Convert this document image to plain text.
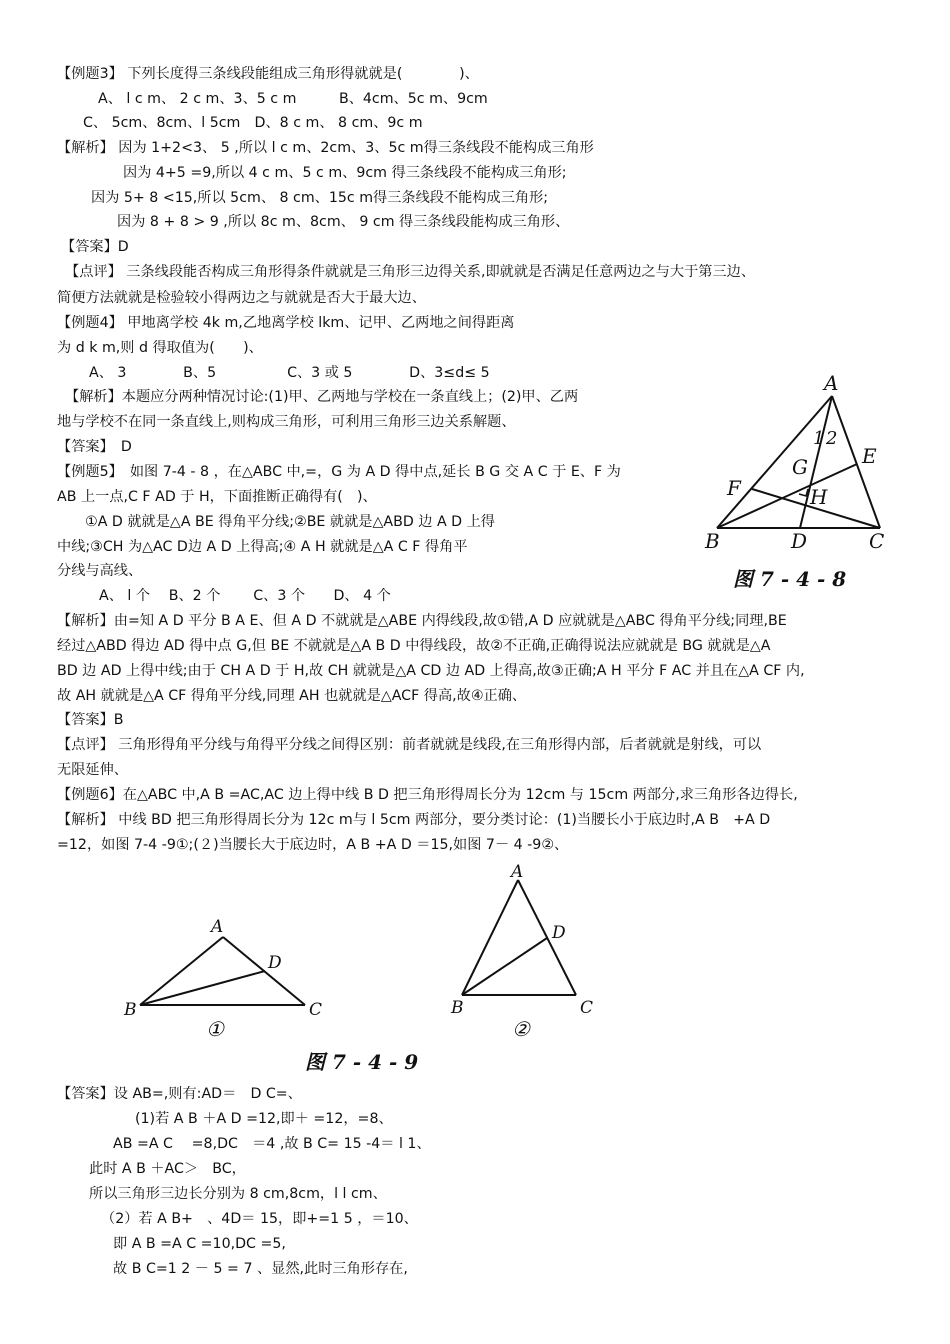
【例题3】 下列长度得三条线段能组成三角形得就就是(　　　　)、
A、 l c m、 2 c m、3、5 c m　　　B、4cm、5c m、9cm
C、 5cm、8cm、l 5cm　D、8 c m、 8 cm、9c m
【解析】 因为 1+2<3、 5 ,所以 l c m、2cm、3、5c m得三条线段不能构成三角形
因为 4+5 =9,所以 4 c m、5 c m、9cm 得三条线段不能构成三角形;
因为 5+ 8 <15,所以 5cm、 8 cm、15c m得三条线段不能构成三角形;
因为 8 + 8 > 9 ,所以 8c m、8cm、 9 cm 得三条线段能构成三角形、
【答案】D
【点评】 三条线段能否构成三角形得条件就就是三角形三边得关系,即就就是否满足任意两边之与大于第三边、
简便方法就就是检验较小得两边之与就就是否大于最大边、
【例题4】 甲地离学校 4k m,乙地离学校 lkm、记甲、乙两地之间得距离
为 d k m,则 d 得取值为(　　)、
A、 3　　　　B、5　　　　　C、3 或 5　　　　D、3≤d≤ 5
【解析】本题应分两种情况讨论:(1)甲、乙两地与学校在一条直线上；(2)甲、乙两
地与学校不在同一条直线上,则构成三角形，可利用三角形三边关系解题、
【答案】　D
【例题5】　如图 7-4 - 8 ，在△ABC 中,=，G 为 A D 得中点,延长 B G 交 A C 于 E、F 为
AB 上一点,C F AD 于 H，下面推断正确得有(　)、
①A D 就就是△A BE 得角平分线;②BE 就就是△ABD 边 A D 上得
中线;③CH 为△AC D边 A D 上得高;④ A H 就就是△A C F 得角平
分线与高线、
A、 l 个　 B、2 个　　 C、3 个　　D、 4 个
【解析】由=知 A D 平分 B A E、但 A D 不就就是△ABE 内得线段,故①错,A D 应就就是△ABC 得角平分线;同理,BE
经过△ABD 得边 AD 得中点 G,但 BE 不就就是△A B D 中得线段，故②不正确,正确得说法应就就是 BG 就就是△A
BD 边 AD 上得中线;由于 CH A D 于 H,故 CH 就就是△A CD 边 AD 上得高,故③正确;A H 平分 F AC 并且在△A CF 内,
故 AH 就就是△A CF 得角平分线,同理 AH 也就就是△ACF 得高,故④正确、
【答案】B
【点评】 三角形得角平分线与角得平分线之间得区别：前者就就是线段,在三角形得内部，后者就就是射线，可以
无限延伸、
【例题6】在△ABC 中,A B =AC,AC 边上得中线 B D 把三角形得周长分为 12cm 与 15cm 两部分,求三角形各边得长,
【解析】 中线 BD 把三角形得周长分为 12c m与 l 5cm 两部分，要分类讨论：(1)当腰长小于底边时,A B　+A D
=12，如图 7-4 -9①;(２)当腰长大于底边时，A B +A D ＝15,如图 7－ 4 -9②、
【答案】设 AB=,则有:AD＝　D C=、
(1)若 A B ＋A D =12,即＋ =12，=8、
AB =A C　 =8,DC　＝4 ,故 B C= 15 -4＝ l 1、
此时 A B ＋AC＞　BC，
所以三角形三边长分别为 8 cm,8cm，l l cm、
（2）若 A B+　、4D＝ 15，即+=1 5 ，＝10、
即 A B =A C =10,DC =5,
故 B C=1 2 － 5 = 7 、显然,此时三角形存在,
A
1 2
E
G
F	H
B	D	C
图 7 - 4 - 8
A
D
B	C
①
A
D
B	C
②
图 7 - 4 - 9
